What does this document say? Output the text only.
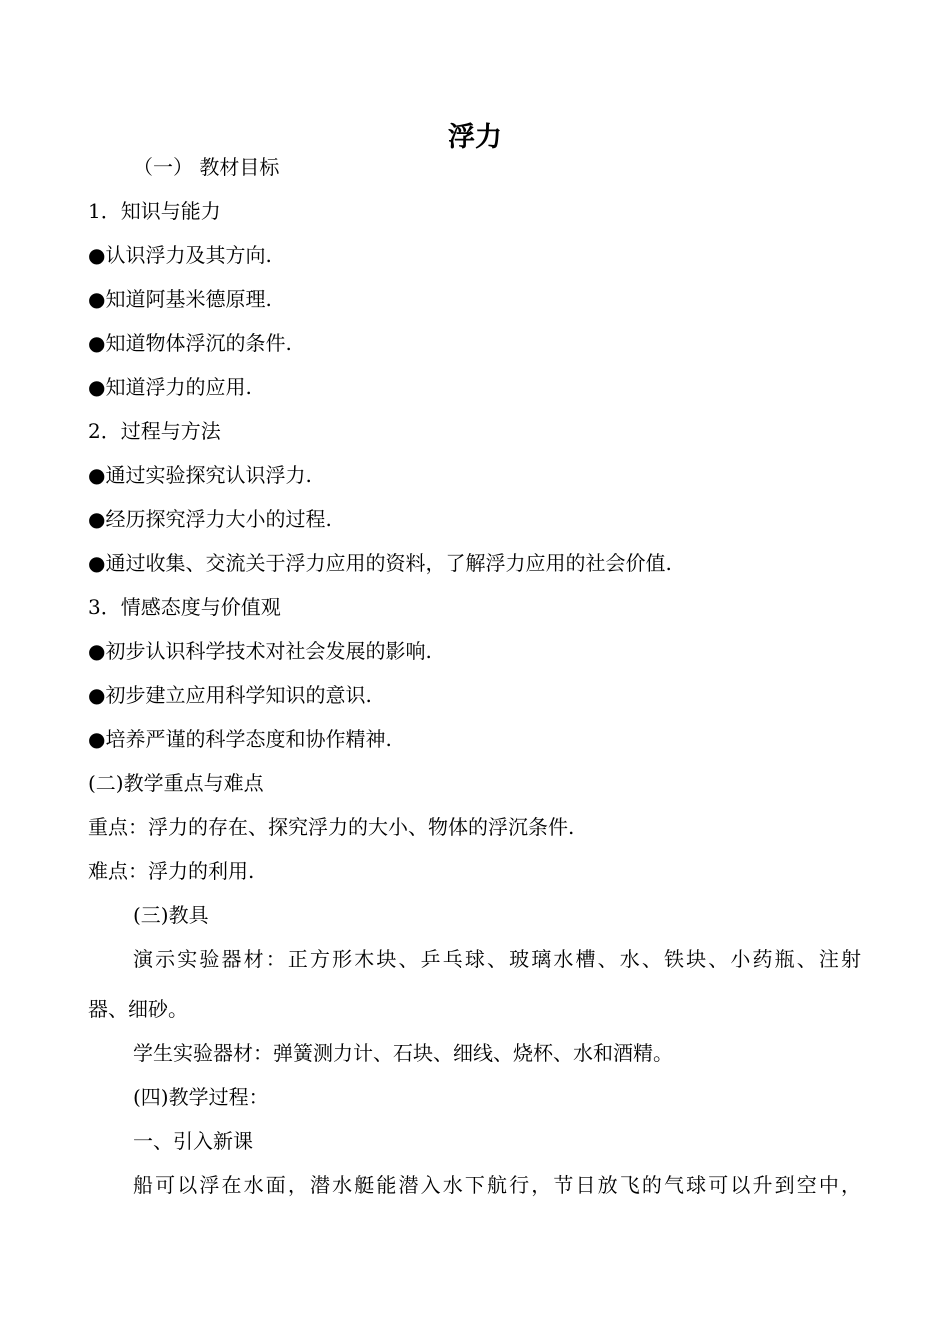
浮力

（一） 教材目标

1．知识与能力

●认识浮力及其方向.

●知道阿基米德原理.

●知道物体浮沉的条件.

●知道浮力的应用.

2．过程与方法

●通过实验探究认识浮力.

●经历探究浮力大小的过程.

●通过收集、交流关于浮力应用的资料，了解浮力应用的社会价值.

3．情感态度与价值观

●初步认识科学技术对社会发展的影响.

●初步建立应用科学知识的意识.

●培养严谨的科学态度和协作精神.

(二)教学重点与难点

重点：浮力的存在、探究浮力的大小、物体的浮沉条件.

难点：浮力的利用.

(三)教具

演示实验器材：正方形木块、乒乓球、玻璃水槽、水、铁块、小药瓶、注射

器、细砂。

学生实验器材：弹簧测力计、石块、细线、烧杯、水和酒精。

(四)教学过程：

一、引入新课

船可以浮在水面，潜水艇能潜入水下航行，节日放飞的气球可以升到空中，
